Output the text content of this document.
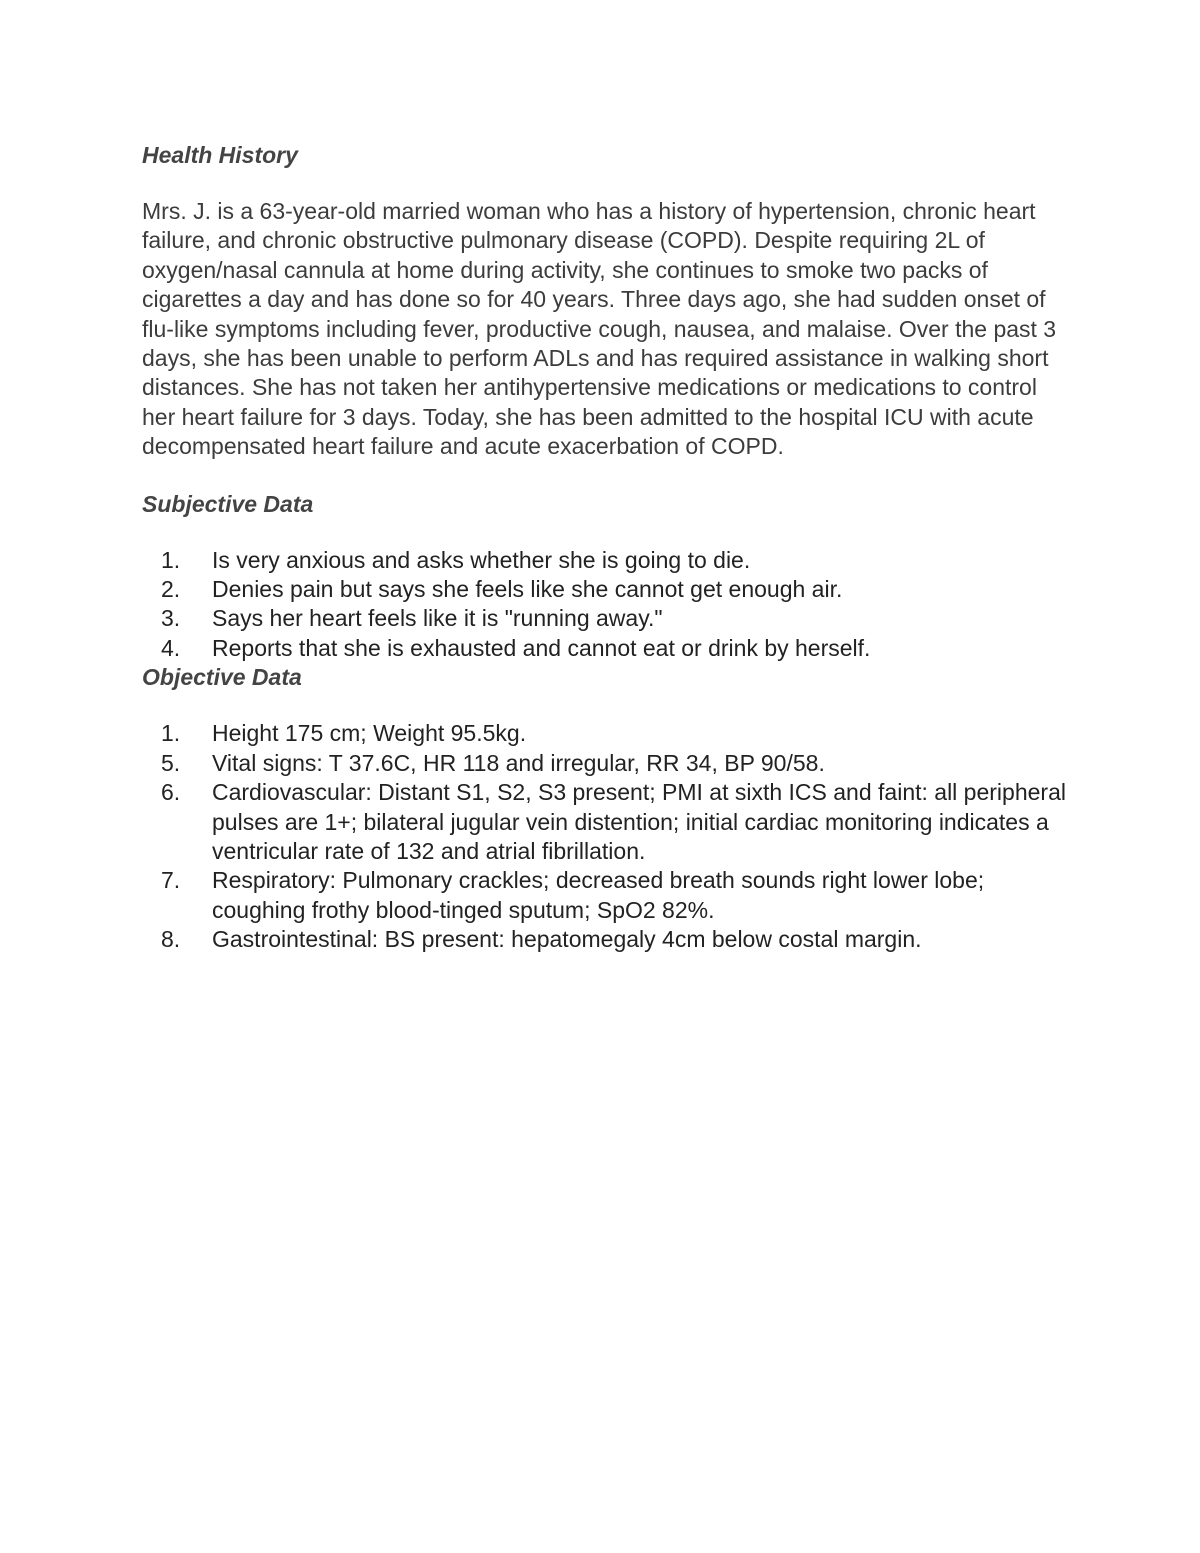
Health History

Mrs. J. is a 63-year-old married woman who has a history of hypertension, chronic heart failure, and chronic obstructive pulmonary disease (COPD). Despite requiring 2L of oxygen/nasal cannula at home during activity, she continues to smoke two packs of cigarettes a day and has done so for 40 years. Three days ago, she had sudden onset of flu-like symptoms including fever, productive cough, nausea, and malaise. Over the past 3 days, she has been unable to perform ADLs and has required assistance in walking short distances. She has not taken her antihypertensive medications or medications to control her heart failure for 3 days. Today, she has been admitted to the hospital ICU with acute decompensated heart failure and acute exacerbation of COPD.

Subjective Data
1.	Is very anxious and asks whether she is going to die.
2.	Denies pain but says she feels like she cannot get enough air.
3.	Says her heart feels like it is "running away."
4.	Reports that she is exhausted and cannot eat or drink by herself.
Objective Data
1.	Height 175 cm; Weight 95.5kg.
5.	Vital signs: T 37.6C, HR 118 and irregular, RR 34, BP 90/58.
6.	Cardiovascular: Distant S1, S2, S3 present; PMI at sixth ICS and faint: all peripheral pulses are 1+; bilateral jugular vein distention; initial cardiac monitoring indicates a ventricular rate of 132 and atrial fibrillation.
7.	Respiratory: Pulmonary crackles; decreased breath sounds right lower lobe; coughing frothy blood-tinged sputum; SpO2 82%.
8.	Gastrointestinal: BS present: hepatomegaly 4cm below costal margin.
